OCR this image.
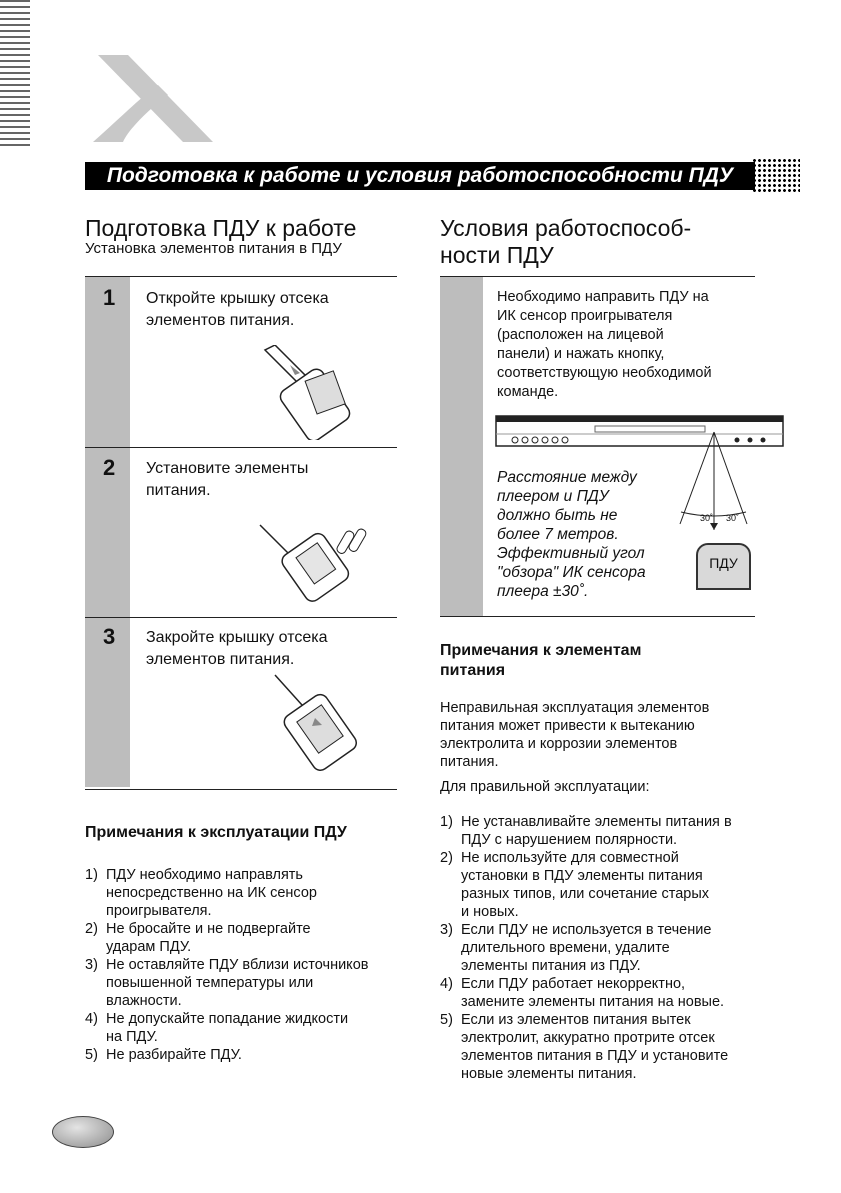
Подготовка к работе и условия работоспособности ПДУ
Подготовка ПДУ к работе
Установка элементов питания в ПДУ
1 Откройте крышку отсека
элементов питания.
2 Установите элементы
питания.
3 Закройте крышку отсека
элементов питания.
Примечания к эксплуатации ПДУ
1) ПДУ необходимо направлять
непосредственно на ИК сенсор
проигрывателя.
2) Не бросайте и не подвергайте
ударам ПДУ.
3) Не оставляйте ПДУ вблизи источников
повышенной температуры или
влажности.
4) Не допускайте попадание жидкости
на ПДУ.
5) Не разбирайте ПДУ.
Условия работоспособ-
ности ПДУ
Необходимо направить ПДУ на
ИК сенсор проигрывателя
(расположен на лицевой
панели) и нажать кнопку,
соответствующую необходимой
команде.
30˚ 30˚
ПДУ
Расстояние между
плеером и ПДУ
должно быть не
более 7 метров.
Эффективный угол
"обзора" ИК сенсора
плеера ±30˚.
Примечания к элементам
питания
Неправильная эксплуатация элементов
питания может привести к вытеканию
электролита и коррозии элементов
питания.
Для правильной эксплуатации:
1) Не устанавливайте элементы питания в
ПДУ с нарушением полярности.
2) Не используйте для совместной
установки в ПДУ элементы питания
разных типов, или сочетание старых
и новых.
3) Если ПДУ не используется в течение
длительного времени, удалите
элементы питания из ПДУ.
4) Если ПДУ работает некорректно,
замените элементы питания на новые.
5) Если из элементов питания вытек
электролит, аккуратно протрите отсек
элементов питания в ПДУ и установите
новые элементы питания.
